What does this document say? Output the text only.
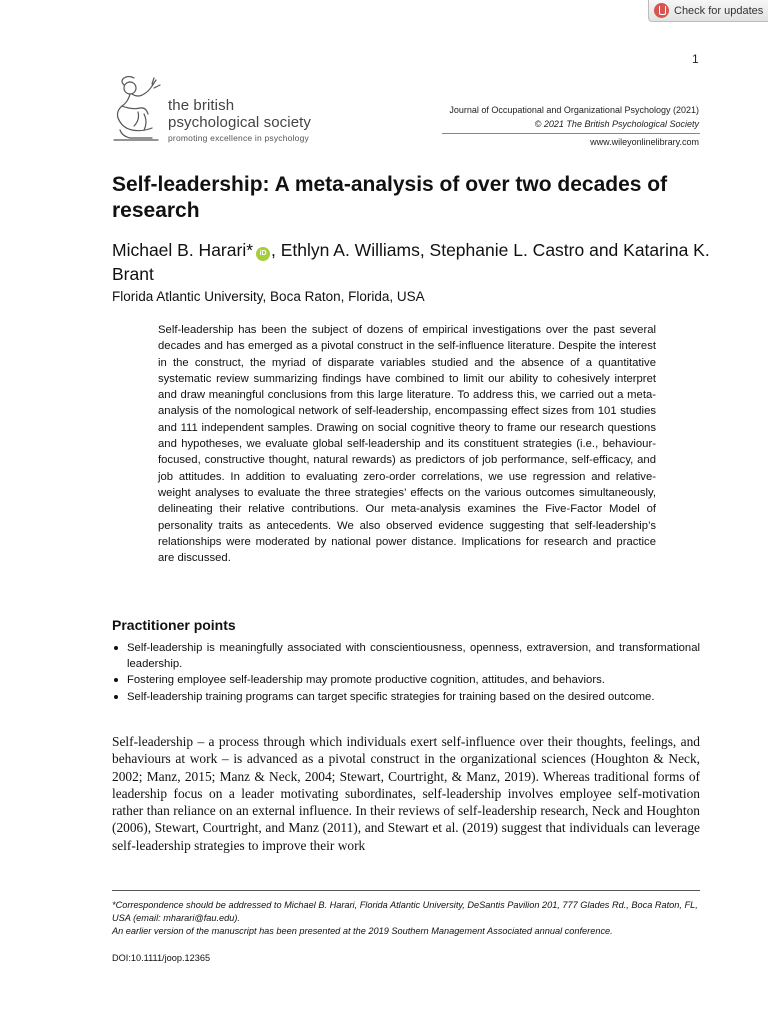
Check for updates
1
the british
psychological society
promoting excellence in psychology
Journal of Occupational and Organizational Psychology (2021)
© 2021 The British Psychological Society
www.wileyonlinelibrary.com
Self-leadership: A meta-analysis of over two decades of research
Michael B. Harari* iD , Ethlyn A. Williams, Stephanie L. Castro and Katarina K. Brant
Florida Atlantic University, Boca Raton, Florida, USA
Self-leadership has been the subject of dozens of empirical investigations over the past several decades and has emerged as a pivotal construct in the self-influence literature. Despite the interest in the construct, the myriad of disparate variables studied and the absence of a quantitative systematic review summarizing findings have combined to limit our ability to cohesively interpret and draw meaningful conclusions from this large literature. To address this, we carried out a meta-analysis of the nomological network of self-leadership, encompassing effect sizes from 101 studies and 111 independent samples. Drawing on social cognitive theory to frame our research questions and hypotheses, we evaluate global self-leadership and its constituent strategies (i.e., behaviour-focused, constructive thought, natural rewards) as predictors of job performance, self-efficacy, and job attitudes. In addition to evaluating zero-order correlations, we use regression and relative-weight analyses to evaluate the three strategies’ effects on the various outcomes simultaneously, delineating their relative contributions. Our meta-analysis examines the Five-Factor Model of personality traits as antecedents. We also observed evidence suggesting that self-leadership’s relationships were moderated by national power distance. Implications for research and practice are discussed.
Practitioner points
Self-leadership is meaningfully associated with conscientiousness, openness, extraversion, and transformational leadership.
Fostering employee self-leadership may promote productive cognition, attitudes, and behaviors.
Self-leadership training programs can target specific strategies for training based on the desired outcome.
Self-leadership – a process through which individuals exert self-influence over their thoughts, feelings, and behaviours at work – is advanced as a pivotal construct in the organizational sciences (Houghton & Neck, 2002; Manz, 2015; Manz & Neck, 2004; Stewart, Courtright, & Manz, 2019). Whereas traditional forms of leadership focus on a leader motivating subordinates, self-leadership involves employee self-motivation rather than reliance on an external influence. In their reviews of self-leadership research, Neck and Houghton (2006), Stewart, Courtright, and Manz (2011), and Stewart et al. (2019) suggest that individuals can leverage self-leadership strategies to improve their work

*Correspondence should be addressed to Michael B. Harari, Florida Atlantic University, DeSantis Pavilion 201, 777 Glades Rd., Boca Raton, FL, USA (email: mharari@fau.edu).

An earlier version of the manuscript has been presented at the 2019 Southern Management Associated annual conference.

DOI:10.1111/joop.12365
